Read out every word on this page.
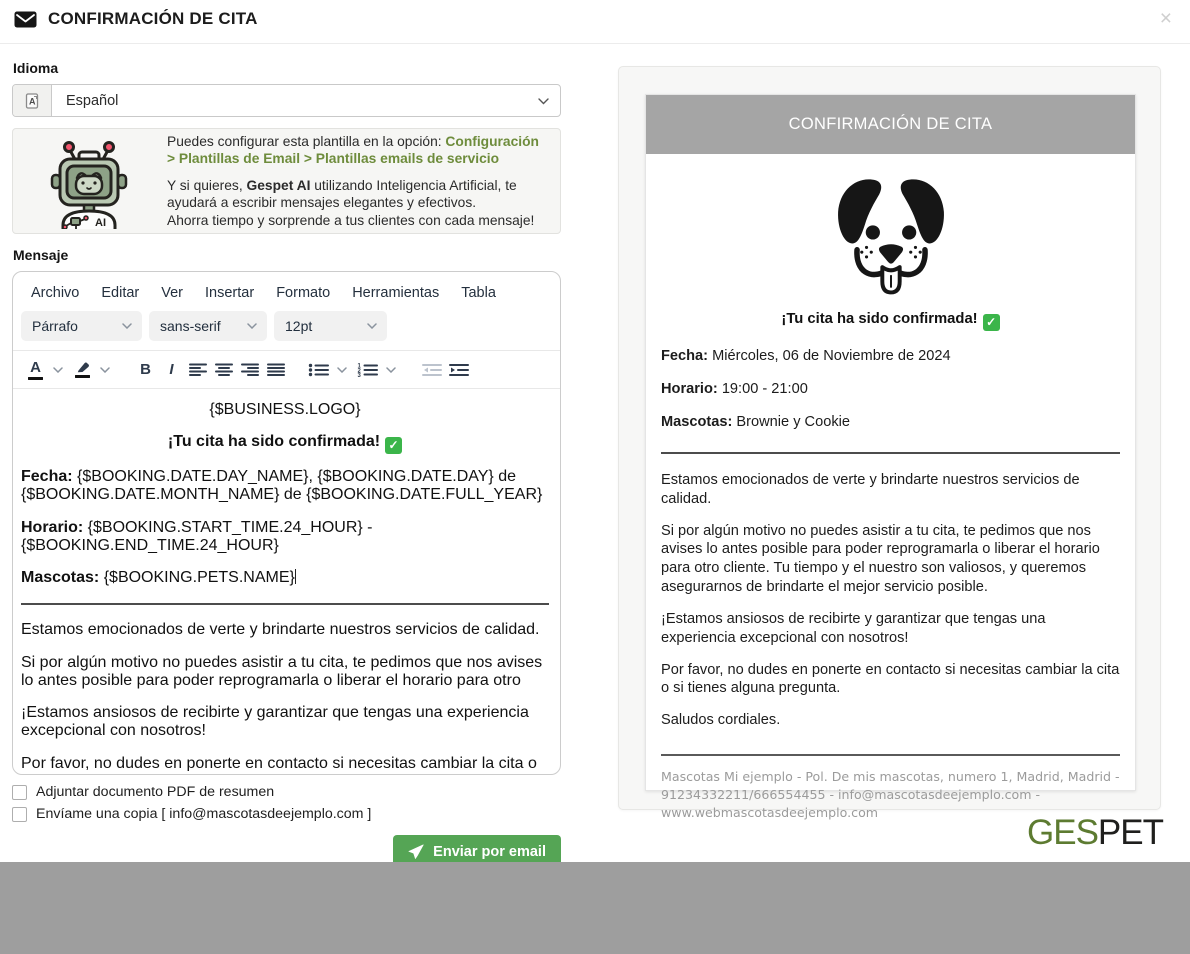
CONFIRMACIÓN DE CITA	×
Idioma
A	Español
AI
Puedes configurar esta plantilla en la opción: Configuración > Plantillas de Email > Plantillas emails de servicio
Y si quieres, Gespet AI utilizando Inteligencia Artificial, te ayudará a escribir mensajes elegantes y efectivos.
Ahorra tiempo y sorprende a tus clientes con cada mensaje!
Mensaje
Archivo	Editar	Ver	Insertar	Formato	Herramientas	Tabla
Párrafo	sans-serif	12pt
A	B I	1
2
3

{$BUSINESS.LOGO}

¡Tu cita ha sido confirmada! ✓

Fecha: {$BOOKING.DATE.DAY_NAME}, {$BOOKING.DATE.DAY} de {$BOOKING.DATE.MONTH_NAME} de {$BOOKING.DATE.FULL_YEAR}

Horario: {$BOOKING.START_TIME.24_HOUR} - {$BOOKING.END_TIME.24_HOUR}

Mascotas: {$BOOKING.PETS.NAME}

Estamos emocionados de verte y brindarte nuestros servicios de calidad.

Si por algún motivo no puedes asistir a tu cita, te pedimos que nos avises lo antes posible para poder reprogramarla o liberar el horario para otro

¡Estamos ansiosos de recibirte y garantizar que tengas una experiencia excepcional con nosotros!

Por favor, no dudes en ponerte en contacto si necesitas cambiar la cita o

Adjuntar documento PDF de resumen
Envíame una copia [ info@mascotasdeejemplo.com ]
Enviar por email
CONFIRMACIÓN DE CITA
¡Tu cita ha sido confirmada! ✓

Fecha: Miércoles, 06 de Noviembre de 2024

Horario: 19:00 - 21:00

Mascotas: Brownie y Cookie

Estamos emocionados de verte y brindarte nuestros servicios de calidad.

Si por algún motivo no puedes asistir a tu cita, te pedimos que nos avises lo antes posible para poder reprogramarla o liberar el horario para otro cliente. Tu tiempo y el nuestro son valiosos, y queremos asegurarnos de brindarte el mejor servicio posible.

¡Estamos ansiosos de recibirte y garantizar que tengas una experiencia excepcional con nosotros!

Por favor, no dudes en ponerte en contacto si necesitas cambiar la cita o si tienes alguna pregunta.

Saludos cordiales.

Mascotas Mi ejemplo - Pol. De mis mascotas, numero 1, Madrid, Madrid - 91234332211/666554455 - info@mascotasdeejemplo.com - www.webmascotasdeejemplo.com
GESPET
